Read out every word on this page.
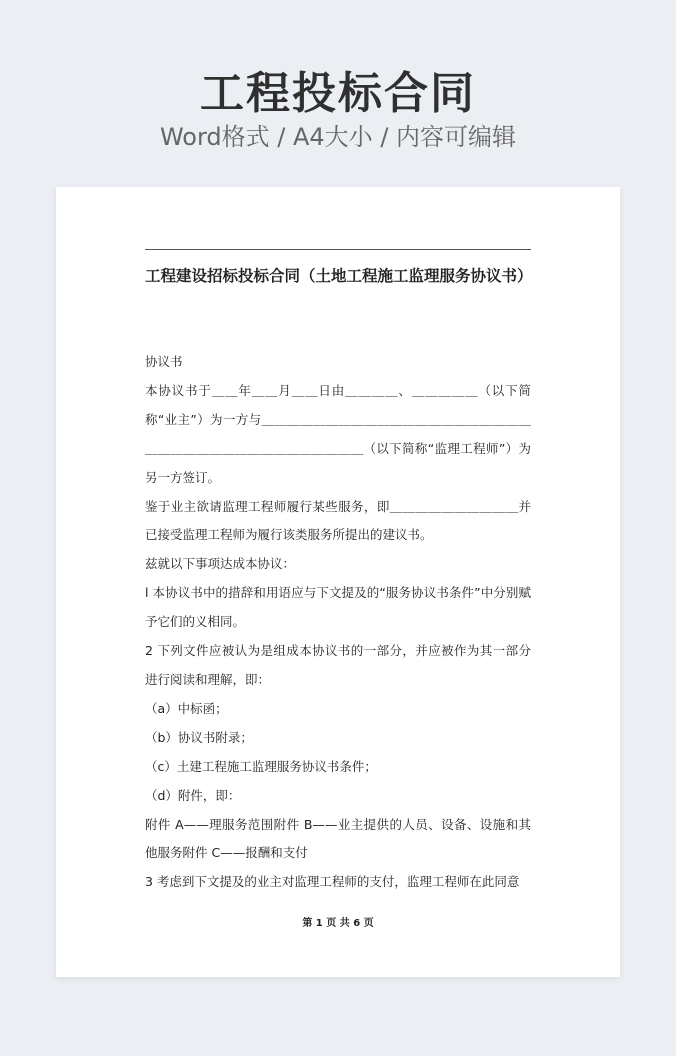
工程投标合同
Word格式 / A4大小 / 内容可编辑
工程建设招标投标合同（土地工程施工监理服务协议书）

协议书

本协议书于＿＿年＿＿月＿＿日由＿＿＿＿、＿＿＿＿＿（以下简称“业主”）为一方与＿＿＿＿＿＿＿＿＿＿＿＿＿＿＿＿＿＿＿＿＿＿＿＿＿＿＿＿＿＿＿＿＿＿＿＿＿＿（以下简称“监理工程师”）为另一方签订。

鉴于业主欲请监理工程师履行某些服务，即＿＿＿＿＿＿＿＿＿＿并已接受监理工程师为履行该类服务所提出的建议书。

兹就以下事项达成本协议：

l 本协议书中的措辞和用语应与下文提及的“服务协议书条件”中分别赋予它们的义相同。

2 下列文件应被认为是组成本协议书的一部分，并应被作为其一部分进行阅读和理解，即：

（a）中标函；

（b）协议书附录；

（c）土建工程施工监理服务协议书条件；

（d）附件，即：

附件 A——理服务范围附件 B——业主提供的人员、设备、设施和其他服务附件 C——报酬和支付

3 考虑到下文提及的业主对监理工程师的支付，监理工程师在此同意

第 1 页 共 6 页
